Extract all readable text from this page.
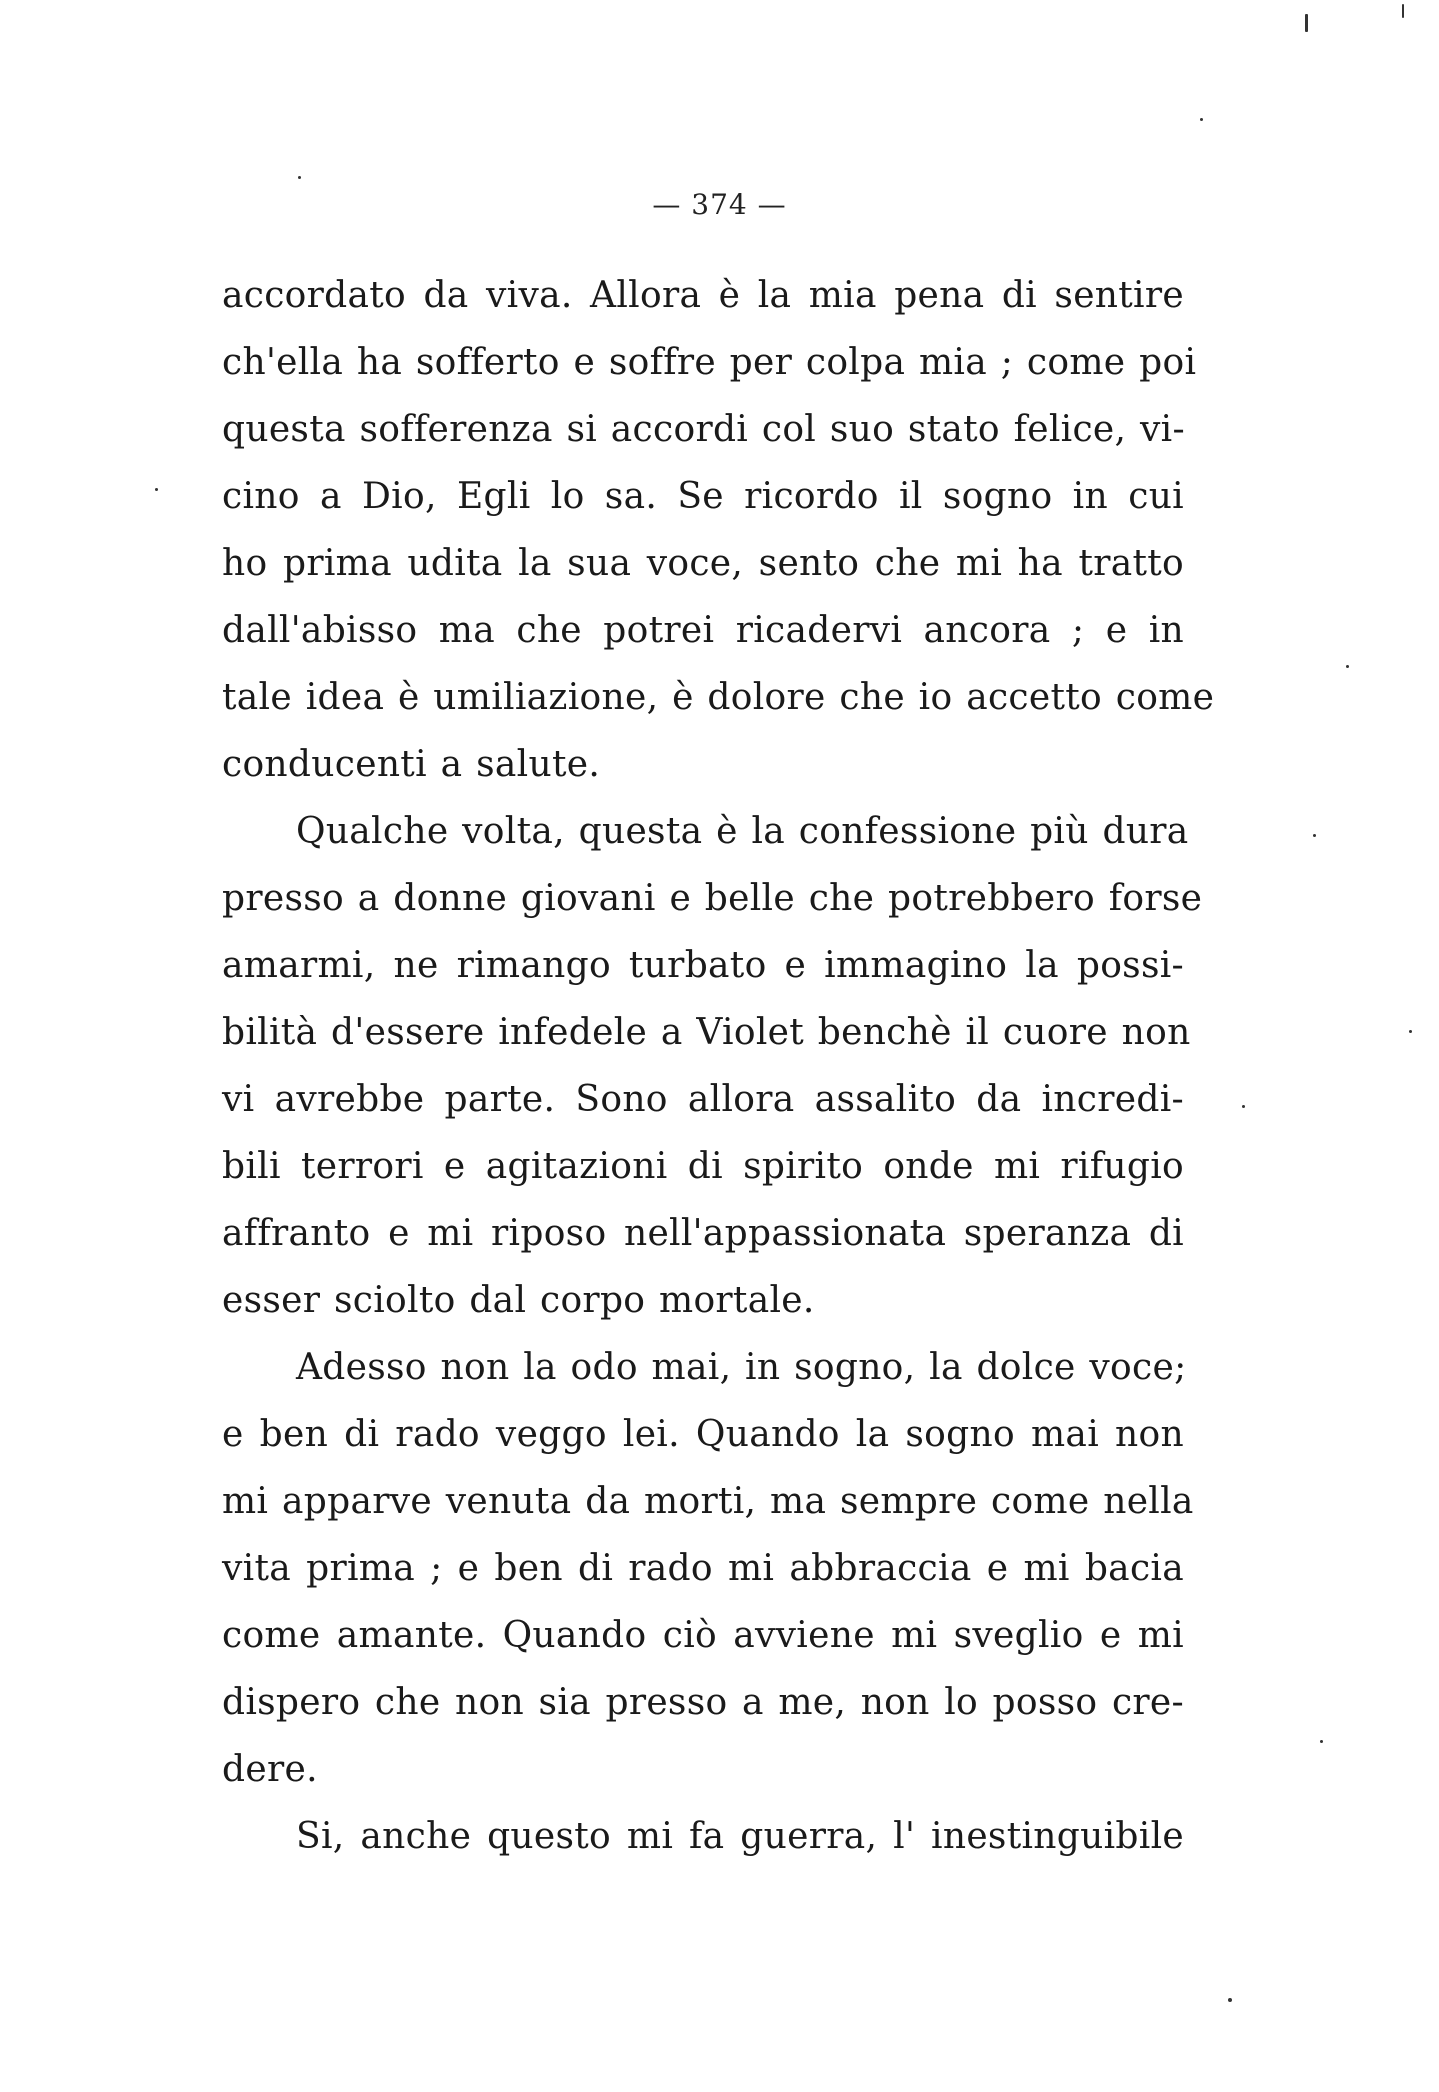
— 374 —
accordato da viva. Allora è la mia pena di sentire
ch'ella ha sofferto e soffre per colpa mia ; come poi
questa sofferenza si accordi col suo stato felice, vi-
cino a Dio, Egli lo sa. Se ricordo il sogno in cui
ho prima udita la sua voce, sento che mi ha tratto
dall'abisso ma che potrei ricadervi ancora ; e in
tale idea è umiliazione, è dolore che io accetto come
conducenti a salute.
Qualche volta, questa è la confessione più dura
presso a donne giovani e belle che potrebbero forse
amarmi, ne rimango turbato e immagino la possi-
bilità d'essere infedele a Violet benchè il cuore non
vi avrebbe parte. Sono allora assalito da incredi-
bili terrori e agitazioni di spirito onde mi rifugio
affranto e mi riposo nell'appassionata speranza di
esser sciolto dal corpo mortale.
Adesso non la odo mai, in sogno, la dolce voce;
e ben di rado veggo lei. Quando la sogno mai non
mi apparve venuta da morti, ma sempre come nella
vita prima ; e ben di rado mi abbraccia e mi bacia
come amante. Quando ciò avviene mi sveglio e mi
dispero che non sia presso a me, non lo posso cre-
dere.
Si, anche questo mi fa guerra, l' inestinguibile
